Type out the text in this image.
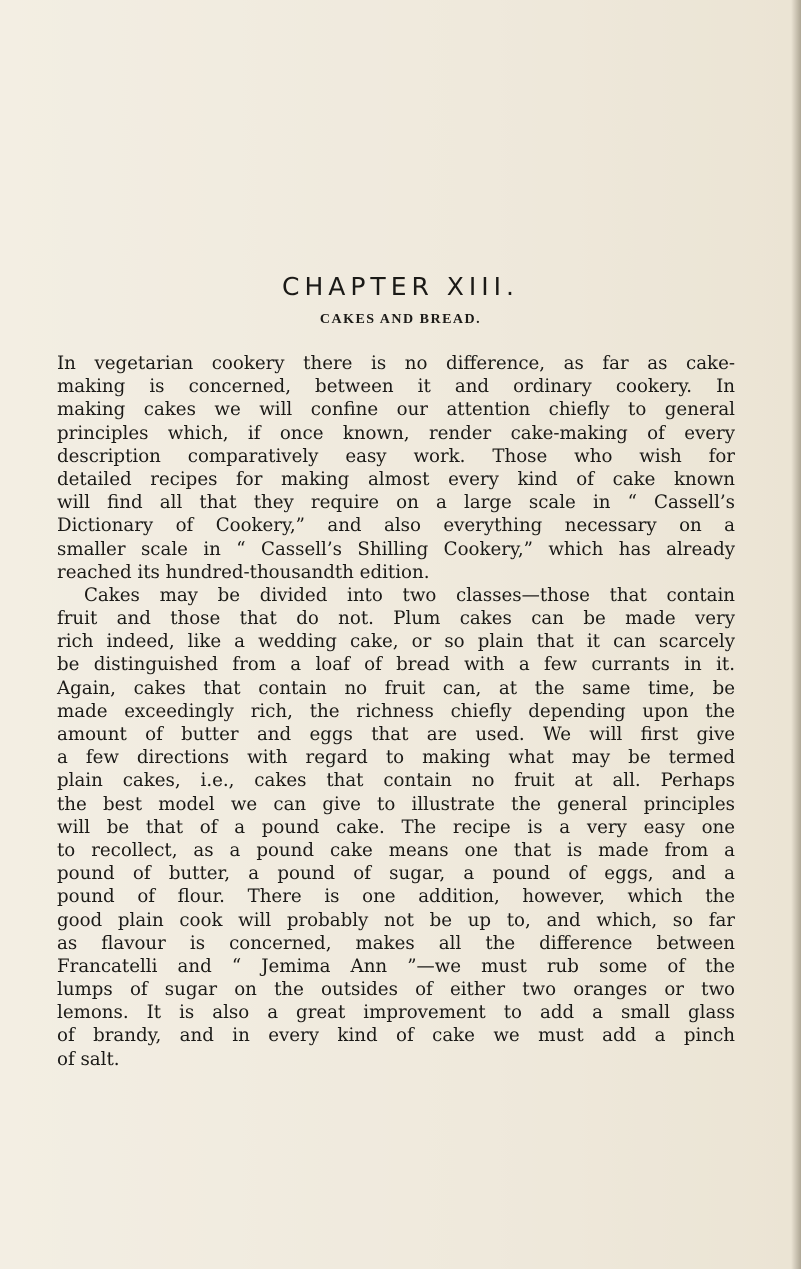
CHAPTER XIII.
CAKES AND BREAD.
In vegetarian cookery there is no difference, as far as cake-
making is concerned, between it and ordinary cookery. In
making cakes we will confine our attention chiefly to general
principles which, if once known, render cake-making of every
description comparatively easy work. Those who wish for
detailed recipes for making almost every kind of cake known
will find all that they require on a large scale in “ Cassell’s
Dictionary of Cookery,” and also everything necessary on a
smaller scale in “ Cassell’s Shilling Cookery,” which has already
reached its hundred-thousandth edition.
Cakes may be divided into two classes—those that contain
fruit and those that do not. Plum cakes can be made very
rich indeed, like a wedding cake, or so plain that it can scarcely
be distinguished from a loaf of bread with a few currants in it.
Again, cakes that contain no fruit can, at the same time, be
made exceedingly rich, the richness chiefly depending upon the
amount of butter and eggs that are used. We will first give
a few directions with regard to making what may be termed
plain cakes, i.e., cakes that contain no fruit at all. Perhaps
the best model we can give to illustrate the general principles
will be that of a pound cake. The recipe is a very easy one
to recollect, as a pound cake means one that is made from a
pound of butter, a pound of sugar, a pound of eggs, and a
pound of flour. There is one addition, however, which the
good plain cook will probably not be up to, and which, so far
as flavour is concerned, makes all the difference between
Francatelli and “ Jemima Ann ”—we must rub some of the
lumps of sugar on the outsides of either two oranges or two
lemons. It is also a great improvement to add a small glass
of brandy, and in every kind of cake we must add a pinch
of salt.
